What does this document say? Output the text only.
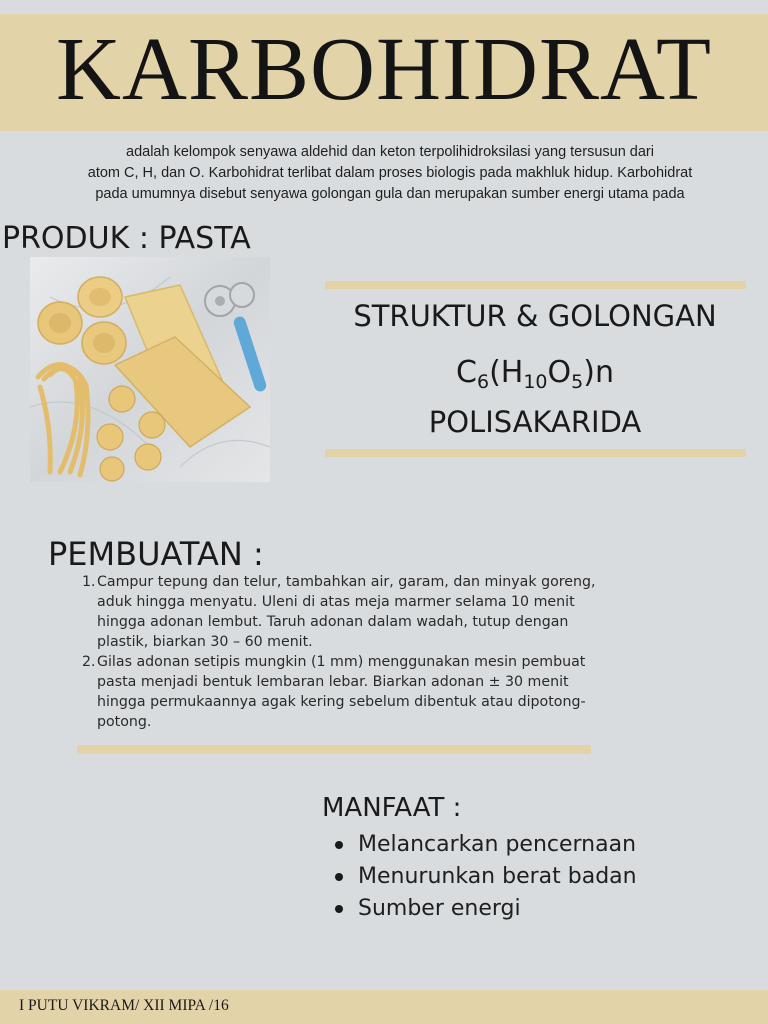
KARBOHIDRAT
adalah kelompok senyawa aldehid dan keton terpolihidroksilasi yang tersusun dari
atom C, H, dan O. Karbohidrat terlibat dalam proses biologis pada makhluk hidup. Karbohidrat
pada umumnya disebut senyawa golongan gula dan merupakan sumber energi utama pada
PRODUK : PASTA
STRUKTUR & GOLONGAN
$C_6(H_{10}O_5)n$
POLISAKARIDA
PEMBUATAN :
1. Campur tepung dan telur, tambahkan air, garam, dan minyak goreng, aduk hingga menyatu. Uleni di atas meja marmer selama 10 menit hingga adonan lembut. Taruh adonan dalam wadah, tutup dengan plastik, biarkan 30 – 60 menit.
2. Gilas adonan setipis mungkin (1 mm) menggunakan mesin pembuat pasta menjadi bentuk lembaran lebar. Biarkan adonan ± 30 menit hingga permukaannya agak kering sebelum dibentuk atau dipotong-potong.
MANFAAT :
Melancarkan pencernaan
Menurunkan berat badan
Sumber energi

I PUTU VIKRAM/ XII MIPA /16
